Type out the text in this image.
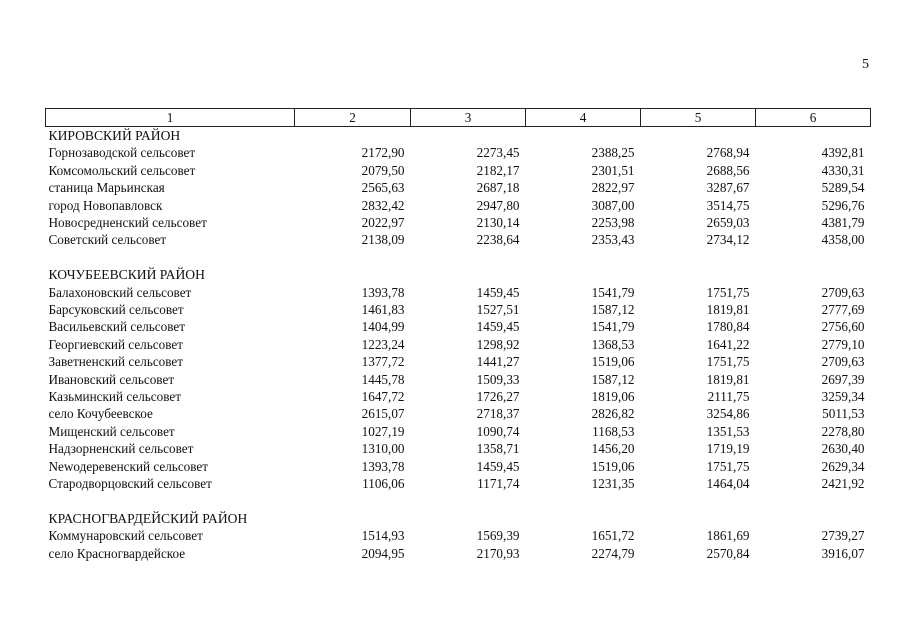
5
1	2	3	4	5	6
КИРОВСКИЙ РАЙОН					
Горнозаводской сельсовет	2172,90	2273,45	2388,25	2768,94	4392,81
Комсомольский сельсовет	2079,50	2182,17	2301,51	2688,56	4330,31
станица Марьинская	2565,63	2687,18	2822,97	3287,67	5289,54
город Новопавловск	2832,42	2947,80	3087,00	3514,75	5296,76
Новосредненский сельсовет	2022,97	2130,14	2253,98	2659,03	4381,79
Советский сельсовет	2138,09	2238,64	2353,43	2734,12	4358,00

КОЧУБЕЕВСКИЙ РАЙОН					
Балахоновский сельсовет	1393,78	1459,45	1541,79	1751,75	2709,63
Барсуковский сельсовет	1461,83	1527,51	1587,12	1819,81	2777,69
Васильевский сельсовет	1404,99	1459,45	1541,79	1780,84	2756,60
Георгиевский сельсовет	1223,24	1298,92	1368,53	1641,22	2779,10
Заветненский сельсовет	1377,72	1441,27	1519,06	1751,75	2709,63
Ивановский сельсовет	1445,78	1509,33	1587,12	1819,81	2697,39
Казьминский сельсовет	1647,72	1726,27	1819,06	2111,75	3259,34
село Кочубеевское	2615,07	2718,37	2826,82	3254,86	5011,53
Мищенский сельсовет	1027,19	1090,74	1168,53	1351,53	2278,80
Надзорненский сельсовет	1310,00	1358,71	1456,20	1719,19	2630,40
Newодеревенский сельсовет	1393,78	1459,45	1519,06	1751,75	2629,34
Стародворцовский сельсовет	1106,06	1171,74	1231,35	1464,04	2421,92

КРАСНОГВАРДЕЙСКИЙ РАЙОН					
Коммунаровский сельсовет	1514,93	1569,39	1651,72	1861,69	2739,27
село Красногвардейское	2094,95	2170,93	2274,79	2570,84	3916,07
